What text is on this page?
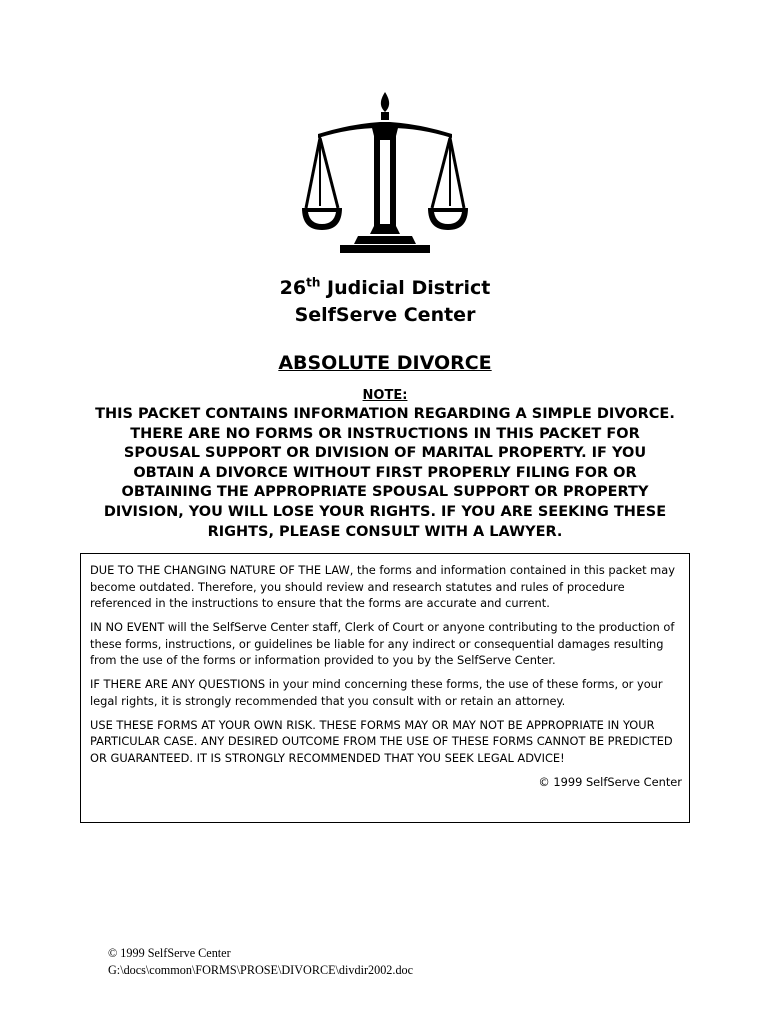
26th Judicial District
SelfServe Center
ABSOLUTE DIVORCE
NOTE:
THIS PACKET CONTAINS INFORMATION REGARDING A SIMPLE DIVORCE. THERE ARE NO FORMS OR INSTRUCTIONS IN THIS PACKET FOR SPOUSAL SUPPORT OR DIVISION OF MARITAL PROPERTY. IF YOU OBTAIN A DIVORCE WITHOUT FIRST PROPERLY FILING FOR OR OBTAINING THE APPROPRIATE SPOUSAL SUPPORT OR PROPERTY DIVISION, YOU WILL LOSE YOUR RIGHTS. IF YOU ARE SEEKING THESE RIGHTS, PLEASE CONSULT WITH A LAWYER.

DUE TO THE CHANGING NATURE OF THE LAW, the forms and information contained in this packet may become outdated. Therefore, you should review and research statutes and rules of procedure referenced in the instructions to ensure that the forms are accurate and current.

IN NO EVENT will the SelfServe Center staff, Clerk of Court or anyone contributing to the production of these forms, instructions, or guidelines be liable for any indirect or consequential damages resulting from the use of the forms or information provided to you by the SelfServe Center.

IF THERE ARE ANY QUESTIONS in your mind concerning these forms, the use of these forms, or your legal rights, it is strongly recommended that you consult with or retain an attorney.

USE THESE FORMS AT YOUR OWN RISK. THESE FORMS MAY OR MAY NOT BE APPROPRIATE IN YOUR PARTICULAR CASE. ANY DESIRED OUTCOME FROM THE USE OF THESE FORMS CANNOT BE PREDICTED OR GUARANTEED. IT IS STRONGLY RECOMMENDED THAT YOU SEEK LEGAL ADVICE!

© 1999 SelfServe Center

© 1999 SelfServe Center
G:\docs\common\FORMS\PROSE\DIVORCE\divdir2002.doc
